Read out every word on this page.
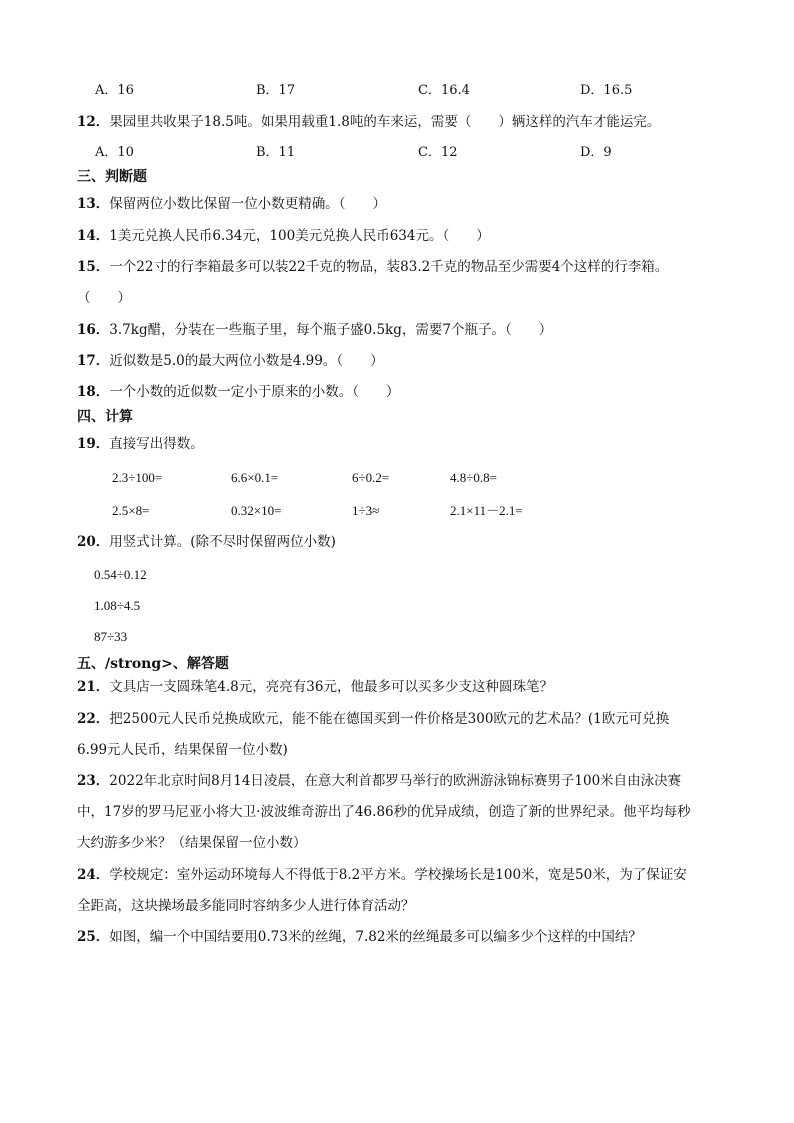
A．16	B．17	C．16.4	D．16.5
12．果园里共收果子18.5吨。如果用载重1.8吨的车来运，需要（　　）辆这样的汽车才能运完。
A．10	B．11	C．12	D．9
三、判断题
13．保留两位小数比保留一位小数更精确。（　　）
14．1美元兑换人民币6.34元，100美元兑换人民币634元。（　　）
15．一个22寸的行李箱最多可以装22千克的物品，装83.2千克的物品至少需要4个这样的行李箱。
（　　）
16．3.7kg醋，分装在一些瓶子里，每个瓶子盛0.5kg，需要7个瓶子。（　　）
17．近似数是5.0的最大两位小数是4.99。（　　）
18．一个小数的近似数一定小于原来的小数。（　　）
四、计算
19．直接写出得数。
2.3÷100=	6.6×0.1=	6÷0.2=	4.8÷0.8=
2.5×8=	0.32×10=	1÷3≈	2.1×11－2.1=
20．用竖式计算。(除不尽时保留两位小数)
0.54÷0.12
1.08÷4.5
87÷33
五、/strong>、解答题
21．文具店一支圆珠笔4.8元，亮亮有36元，他最多可以买多少支这种圆珠笔？
22．把2500元人民币兑换成欧元，能不能在德国买到一件价格是300欧元的艺术品？(1欧元可兑换
6.99元人民币，结果保留一位小数)
23．2022年北京时间8月14日凌晨，在意大利首都罗马举行的欧洲游泳锦标赛男子100米自由泳决赛
中，17岁的罗马尼亚小将大卫·波波维奇游出了46.86秒的优异成绩，创造了新的世界纪录。他平均每秒
大约游多少米？（结果保留一位小数）
24．学校规定：室外运动环境每人不得低于8.2平方米。学校操场长是100米，宽是50米，为了保证安
全距高，这块操场最多能同时容纳多少人进行体育活动？
25．如图，编一个中国结要用0.73米的丝绳，7.82米的丝绳最多可以编多少个这样的中国结？
